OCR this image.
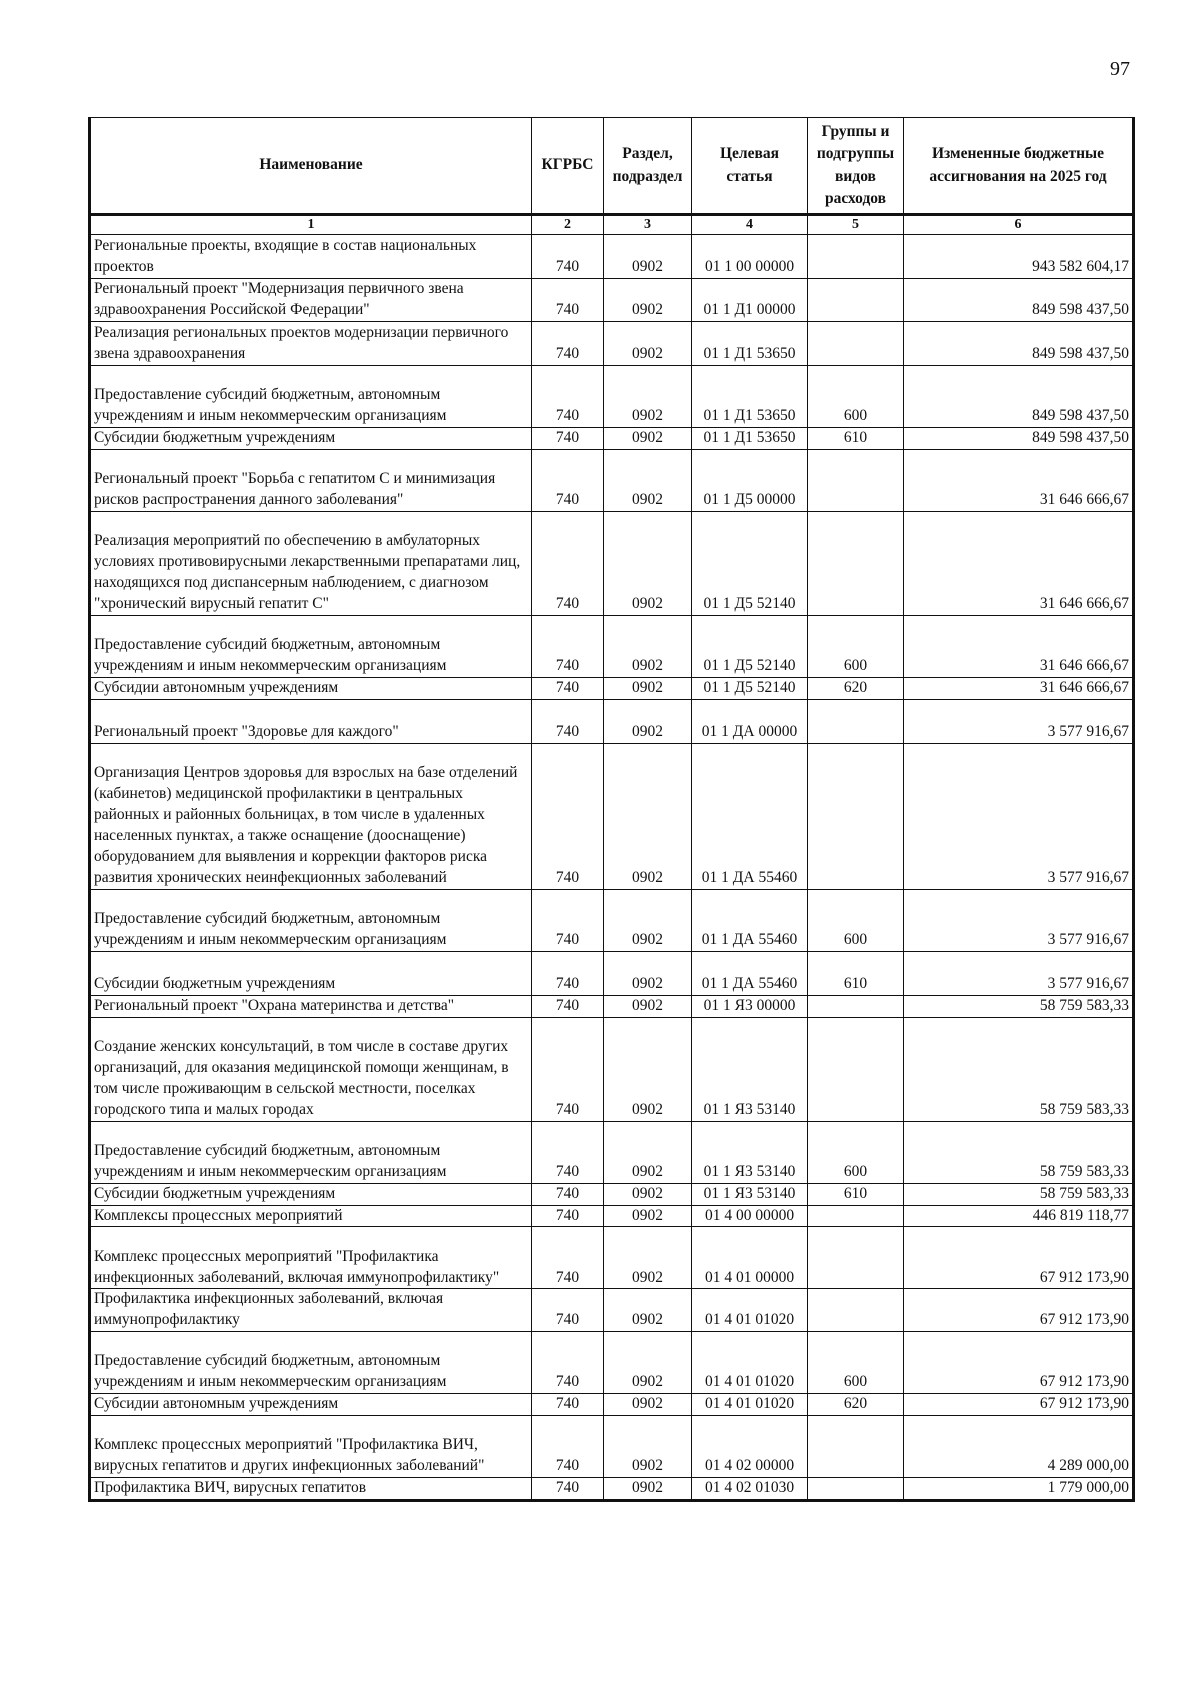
97
Наименование	КГРБС	Раздел, подраздел	Целевая статья	Группы и подгруппы видов расходов	Измененные бюджетные ассигнования на 2025 год
1	2	3	4	5	6
Региональные проекты, входящие в состав национальных проектов	740	0902	01 1 00 00000		943 582 604,17
Региональный проект "Модернизация первичного звена здравоохранения Российской Федерации"	740	0902	01 1 Д1 00000		849 598 437,50
Реализация региональных проектов модернизации первичного звена здравоохранения	740	0902	01 1 Д1 53650		849 598 437,50
Предоставление субсидий бюджетным, автономным учреждениям и иным некоммерческим организациям	740	0902	01 1 Д1 53650	600	849 598 437,50
Субсидии бюджетным учреждениям	740	0902	01 1 Д1 53650	610	849 598 437,50
Региональный проект "Борьба с гепатитом С и минимизация рисков распространения данного заболевания"	740	0902	01 1 Д5 00000		31 646 666,67
Реализация мероприятий по обеспечению в амбулаторных условиях противовирусными лекарственными препаратами лиц, находящихся под диспансерным наблюдением, с диагнозом "хронический вирусный гепатит С"	740	0902	01 1 Д5 52140		31 646 666,67
Предоставление субсидий бюджетным, автономным учреждениям и иным некоммерческим организациям	740	0902	01 1 Д5 52140	600	31 646 666,67
Субсидии автономным учреждениям	740	0902	01 1 Д5 52140	620	31 646 666,67
Региональный проект "Здоровье для каждого"	740	0902	01 1 ДА 00000		3 577 916,67
Организация Центров здоровья для взрослых на базе отделений (кабинетов) медицинской профилактики в центральных районных и районных больницах, в том числе в удаленных населенных пунктах, а также оснащение (дооснащение) оборудованием для выявления и коррекции факторов риска развития хронических неинфекционных заболеваний	740	0902	01 1 ДА 55460		3 577 916,67
Предоставление субсидий бюджетным, автономным учреждениям и иным некоммерческим организациям	740	0902	01 1 ДА 55460	600	3 577 916,67
Субсидии бюджетным учреждениям	740	0902	01 1 ДА 55460	610	3 577 916,67
Региональный проект "Охрана материнства и детства"	740	0902	01 1 Я3 00000		58 759 583,33
Создание женских консультаций, в том числе в составе других организаций, для оказания медицинской помощи женщинам, в том числе проживающим в сельской местности, поселках городского типа и малых городах	740	0902	01 1 Я3 53140		58 759 583,33
Предоставление субсидий бюджетным, автономным учреждениям и иным некоммерческим организациям	740	0902	01 1 Я3 53140	600	58 759 583,33
Субсидии бюджетным учреждениям	740	0902	01 1 Я3 53140	610	58 759 583,33
Комплексы процессных мероприятий	740	0902	01 4 00 00000		446 819 118,77
Комплекс процессных мероприятий "Профилактика инфекционных заболеваний, включая иммунопрофилактику"	740	0902	01 4 01 00000		67 912 173,90
Профилактика инфекционных заболеваний, включая иммунопрофилактику	740	0902	01 4 01 01020		67 912 173,90
Предоставление субсидий бюджетным, автономным учреждениям и иным некоммерческим организациям	740	0902	01 4 01 01020	600	67 912 173,90
Субсидии автономным учреждениям	740	0902	01 4 01 01020	620	67 912 173,90
Комплекс процессных мероприятий "Профилактика ВИЧ, вирусных гепатитов и других инфекционных заболеваний"	740	0902	01 4 02 00000		4 289 000,00
Профилактика ВИЧ, вирусных гепатитов	740	0902	01 4 02 01030		1 779 000,00
